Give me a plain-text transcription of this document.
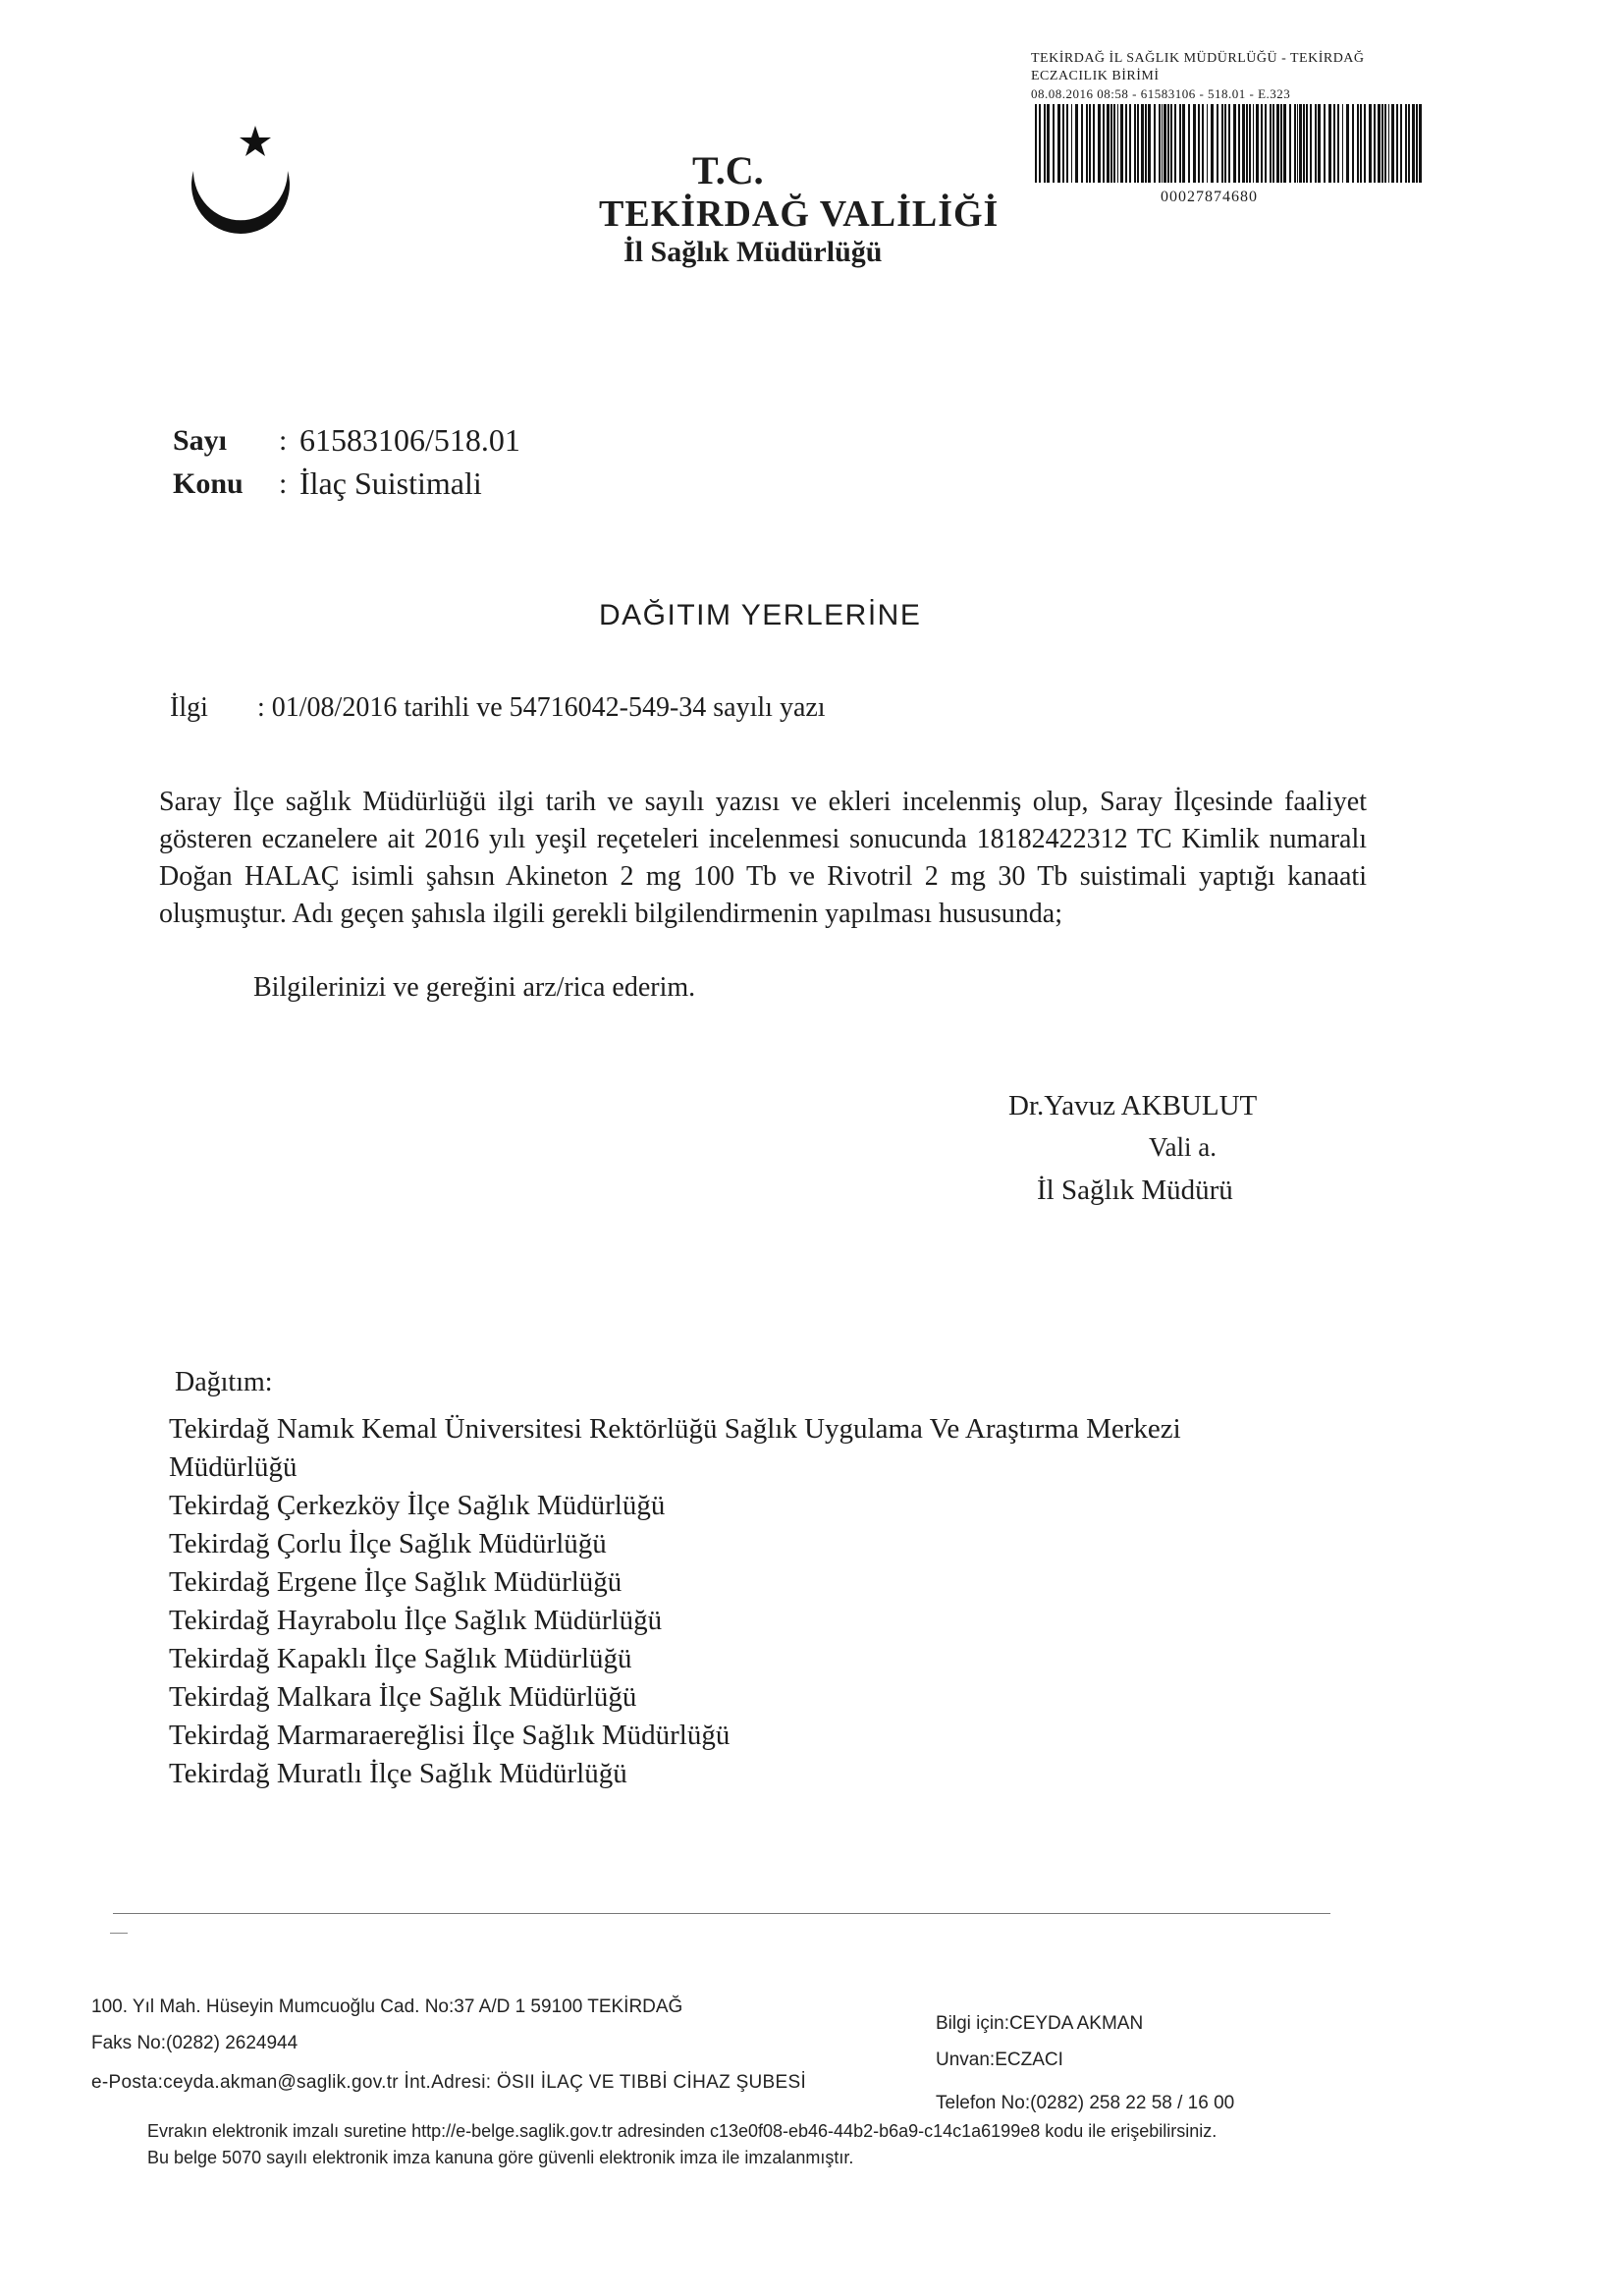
T.C.
TEKİRDAĞ VALİLİĞİ
İl Sağlık Müdürlüğü
TEKİRDAĞ İL SAĞLIK MÜDÜRLÜĞÜ - TEKİRDAĞ
ECZACILIK BİRİMİ
08.08.2016 08:58 - 61583106 - 518.01 - E.323
00027874680
Sayı : 61583106/518.01
Konu : İlaç Suistimali
DAĞITIM YERLERİNE
İlgi : 01/08/2016 tarihli ve 54716042-549-34 sayılı yazı
Saray İlçe sağlık Müdürlüğü ilgi tarih ve sayılı yazısı ve ekleri incelenmiş olup, Saray İlçesinde faaliyet gösteren eczanelere ait 2016 yılı yeşil reçeteleri incelenmesi sonucunda 18182422312 TC Kimlik numaralı Doğan HALAÇ isimli şahsın Akineton 2 mg 100 Tb ve Rivotril 2 mg 30 Tb suistimali yaptığı kanaati oluşmuştur. Adı geçen şahısla ilgili gerekli bilgilendirmenin yapılması hususunda;
Bilgilerinizi ve gereğini arz/rica ederim.
Dr.Yavuz AKBULUT
Vali a.
İl Sağlık Müdürü
Dağıtım:
Tekirdağ Namık Kemal Üniversitesi Rektörlüğü Sağlık Uygulama Ve Araştırma Merkezi Müdürlüğü
Tekirdağ Çerkezköy İlçe Sağlık Müdürlüğü
Tekirdağ Çorlu İlçe Sağlık Müdürlüğü
Tekirdağ Ergene İlçe Sağlık Müdürlüğü
Tekirdağ Hayrabolu İlçe Sağlık Müdürlüğü
Tekirdağ Kapaklı İlçe Sağlık Müdürlüğü
Tekirdağ Malkara İlçe Sağlık Müdürlüğü
Tekirdağ Marmaraereğlisi İlçe Sağlık Müdürlüğü
Tekirdağ Muratlı İlçe Sağlık Müdürlüğü
100. Yıl Mah. Hüseyin Mumcuoğlu Cad. No:37 A/D 1 59100 TEKİRDAĞ
Faks No:(0282) 2624944
e-Posta:ceyda.akman@saglik.gov.tr İnt.Adresi: ÖSII İLAÇ VE TIBBİ CİHAZ ŞUBESİ
Bilgi için:CEYDA AKMAN
Unvan:ECZACI
Telefon No:(0282) 258 22 58 / 16 00
Evrakın elektronik imzalı suretine http://e-belge.saglik.gov.tr adresinden c13e0f08-eb46-44b2-b6a9-c14c1a6199e8 kodu ile erişebilirsiniz.
Bu belge 5070 sayılı elektronik imza kanuna göre güvenli elektronik imza ile imzalanmıştır.
